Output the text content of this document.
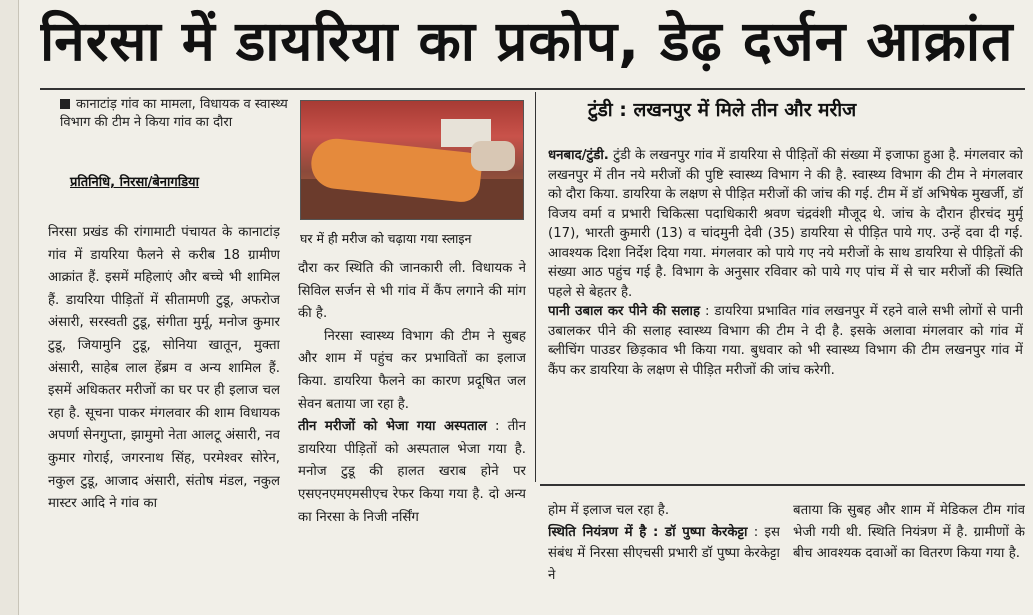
निरसा में डायरिया का प्रकोप, डेढ़ दर्जन आक्रांत
कानाटांड़ गांव का मामला, विधायक व स्वास्थ्य विभाग की टीम ने किया गांव का दौरा
प्रतिनिधि, निरसा/बेनागडिया
घर में ही मरीज को चढ़ाया गया स्लाइन

निरसा प्रखंड की रांगामाटी पंचायत के कानाटांड़ गांव में डायरिया फैलने से करीब 18 ग्रामीण आक्रांत हैं. इसमें महिलाएं और बच्चे भी शामिल हैं. डायरिया पीड़ितों में सीतामणी टुडू, अफरोज अंसारी, सरस्वती टुडू, संगीता मुर्मू, मनोज कुमार टुडू, जियामुनि टुडू, सोनिया खातून, मुक्ता अंसारी, साहेब लाल हेंब्रम व अन्य शामिल हैं. इसमें अधिकतर मरीजों का घर पर ही इलाज चल रहा है. सूचना पाकर मंगलवार की शाम विधायक अपर्णा सेनगुप्ता, झामुमो नेता आलटू अंसारी, नव कुमार गोराई, जगरनाथ सिंह, परमेश्वर सोरेन, नकुल टुडू, आजाद अंसारी, संतोष मंडल, नकुल मास्टर आदि ने गांव का

दौरा कर स्थिति की जानकारी ली. विधायक ने सिविल सर्जन से भी गांव में कैंप लगाने की मांग की है.

निरसा स्वास्थ्य विभाग की टीम ने सुबह और शाम में पहुंच कर प्रभावितों का इलाज किया. डायरिया फैलने का कारण प्रदूषित जल सेवन बताया जा रहा है.

तीन मरीजों को भेजा गया अस्पताल : तीन डायरिया पीड़ितों को अस्पताल भेजा गया है. मनोज टुडू की हालत खराब होने पर एसएनएमएमसीएच रेफर किया गया है. दो अन्य का निरसा के निजी नर्सिंग

टुंडी : लखनपुर में मिले तीन और मरीज

धनबाद/टुंडी. टुंडी के लखनपुर गांव में डायरिया से पीड़ितों की संख्या में इजाफा हुआ है. मंगलवार को लखनपुर में तीन नये मरीजों की पुष्टि स्वास्थ्य विभाग ने की है. स्वास्थ्य विभाग की टीम ने मंगलवार को दौरा किया. डायरिया के लक्षण से पीड़ित मरीजों की जांच की गई. टीम में डॉ अभिषेक मुखर्जी, डॉ विजय वर्मा व प्रभारी चिकित्सा पदाधिकारी श्रवण चंद्रवंशी मौजूद थे. जांच के दौरान हीरचंद मुर्मू (17), भारती कुमारी (13) व चांदमुनी देवी (35) डायरिया से पीड़ित पाये गए. उन्हें दवा दी गई. आवश्यक दिशा निर्देश दिया गया. मंगलवार को पाये गए नये मरीजों के साथ डायरिया से पीड़ितों की संख्या आठ पहुंच गई है. विभाग के अनुसार रविवार को पाये गए पांच में से चार मरीजों की स्थिति पहले से बेहतर है.

पानी उबाल कर पीने की सलाह : डायरिया प्रभावित गांव लखनपुर में रहने वाले सभी लोगों से पानी उबालकर पीने की सलाह स्वास्थ्य विभाग की टीम ने दी है. इसके अलावा मंगलवार को गांव में ब्लीचिंग पाउडर छिड़काव भी किया गया. बुधवार को भी स्वास्थ्य विभाग की टीम लखनपुर गांव में कैंप कर डायरिया के लक्षण से पीड़ित मरीजों की जांच करेगी.

होम में इलाज चल रहा है.

स्थिति नियंत्रण में है : डॉ पुष्पा केरकेट्टा : इस संबंध में निरसा सीएचसी प्रभारी डॉ पुष्पा केरकेट्टा ने

बताया कि सुबह और शाम में मेडिकल टीम गांव भेजी गयी थी. स्थिति नियंत्रण में है. ग्रामीणों के बीच आवश्यक दवाओं का वितरण किया गया है.
